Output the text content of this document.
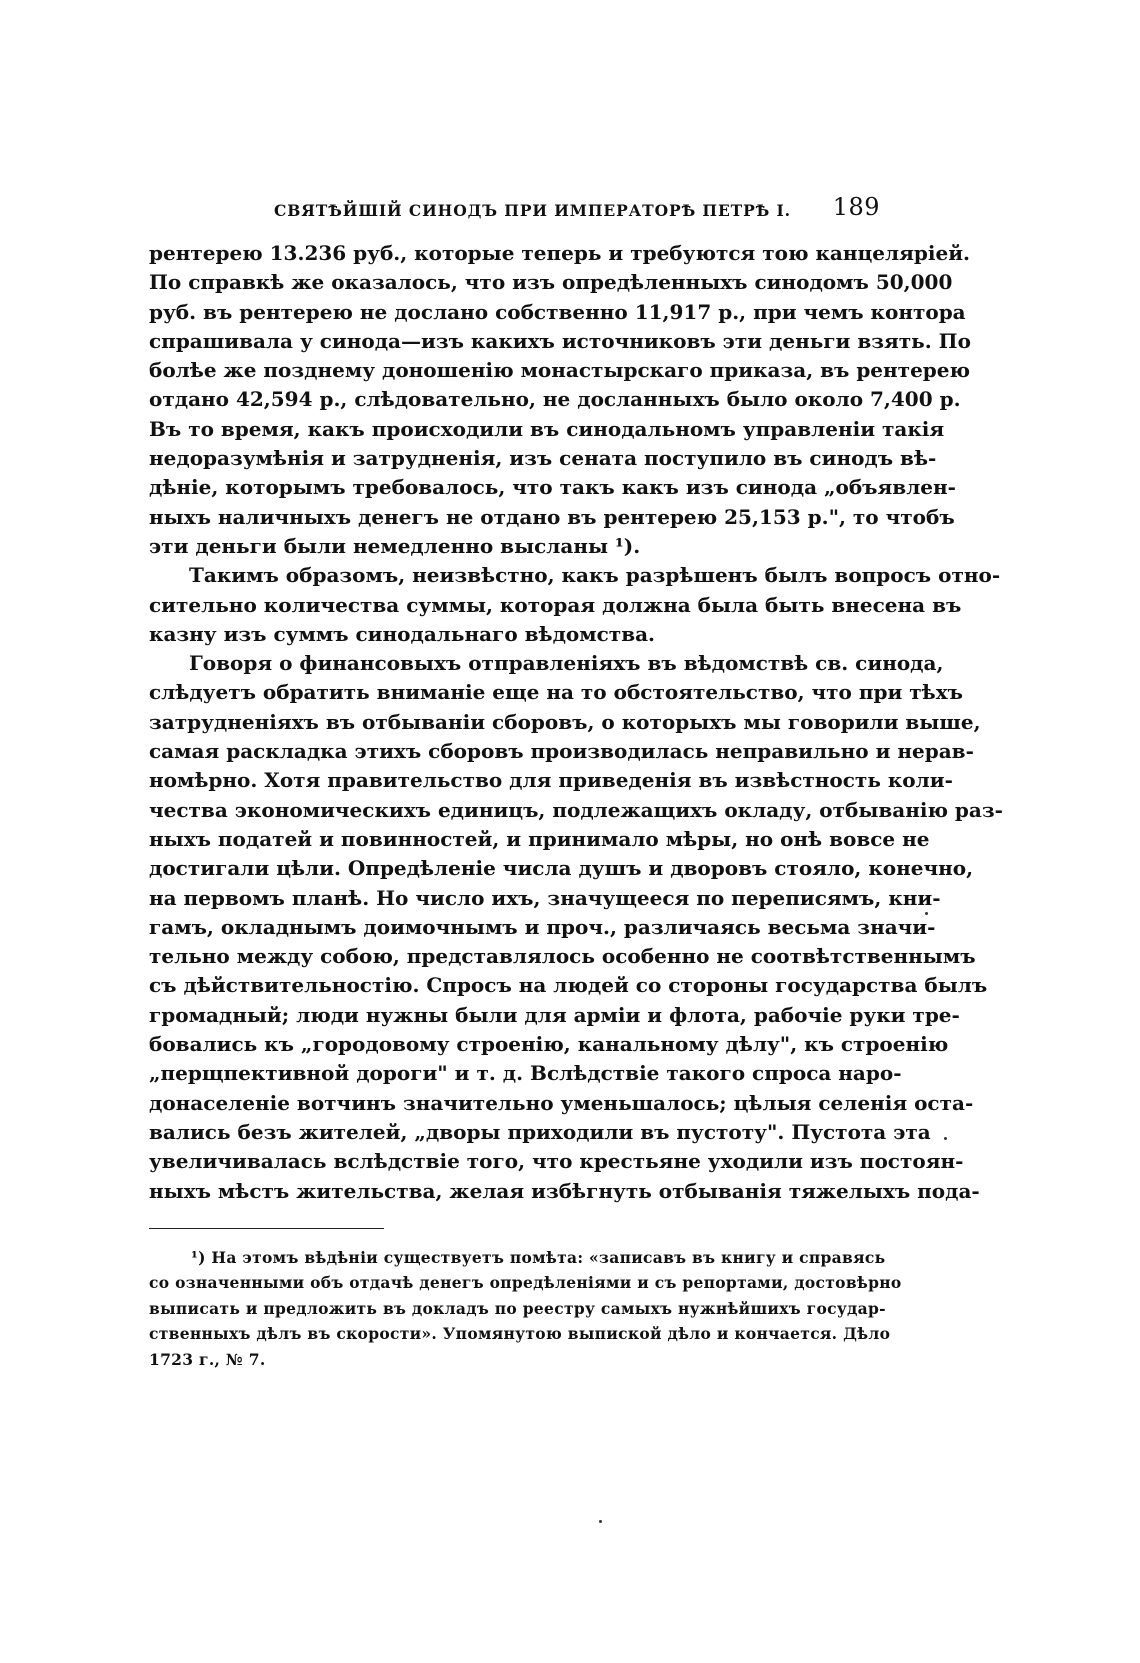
СВЯТѢЙШІЙ СИНОДЪ ПРИ ИМПЕРАТОРѢ ПЕТРѢ I. 189

рентерею 13.236 руб., которые теперь и требуются тою канцеляріей.
По справкѣ же оказалось, что изъ опредѣленныхъ синодомъ 50,000
руб. въ рентерею не дослано собственно 11,917 р., при чемъ контора
спрашивала у синода—изъ какихъ источниковъ эти деньги взять. По
болѣе же позднему доношенію монастырскаго приказа, въ рентерею
отдано 42,594 р., слѣдовательно, не досланныхъ было около 7,400 р.
Въ то время, какъ происходили въ синодальномъ управленіи такія
недоразумѣнія и затрудненія, изъ сената поступило въ синодъ вѣ-
дѣніе, которымъ требовалось, что такъ какъ изъ синода „объявлен-
ныхъ наличныхъ денегъ не отдано въ рентерею 25,153 р.", то чтобъ
эти деньги были немедленно высланы ¹).

Такимъ образомъ, неизвѣстно, какъ разрѣшенъ былъ вопросъ отно-
сительно количества суммы, которая должна была быть внесена въ
казну изъ суммъ синодальнаго вѣдомства.

Говоря о финансовыхъ отправленіяхъ въ вѣдомствѣ св. синода,
слѣдуетъ обратить вниманіе еще на то обстоятельство, что при тѣхъ
затрудненіяхъ въ отбываніи сборовъ, о которыхъ мы говорили выше,
самая раскладка этихъ сборовъ производилась неправильно и нерав-
номѣрно. Хотя правительство для приведенія въ извѣстность коли-
чества экономическихъ единицъ, подлежащихъ окладу, отбыванію раз-
ныхъ податей и повинностей, и принимало мѣры, но онѣ вовсе не
достигали цѣли. Опредѣленіе числа душъ и дворовъ стояло, конечно,
на первомъ планѣ. Но число ихъ, значущееся по переписямъ, кни-
гамъ, окладнымъ доимочнымъ и проч., различаясь весьма значи-
тельно между собою, представлялось особенно не соотвѣтственнымъ
съ дѣйствительностію. Спросъ на людей со стороны государства былъ
громадный; люди нужны были для арміи и флота, рабочіе руки тре-
бовались къ „городовому строенію, канальному дѣлу", къ строенію
„перщпективной дороги" и т. д. Вслѣдствіе такого спроса наро-
донаселеніе вотчинъ значительно уменьшалось; цѣлыя селенія оста-
вались безъ жителей, „дворы приходили въ пустоту". Пустота эта
увеличивалась вслѣдствіе того, что крестьяне уходили изъ постоян-
ныхъ мѣстъ жительства, желая избѣгнуть отбыванія тяжелыхъ пода-

¹) На этомъ вѣдѣніи существуетъ помѣта: «записавъ въ книгу и справясь
со означенными объ отдачѣ денегъ опредѣленіями и съ репортами, достовѣрно
выписать и предложить въ докладъ по реестру самыхъ нужнѣйшихъ государ-
ственныхъ дѣлъ въ скорости». Упомянутою выпиской дѣло и кончается. Дѣло
1723 г., № 7.
